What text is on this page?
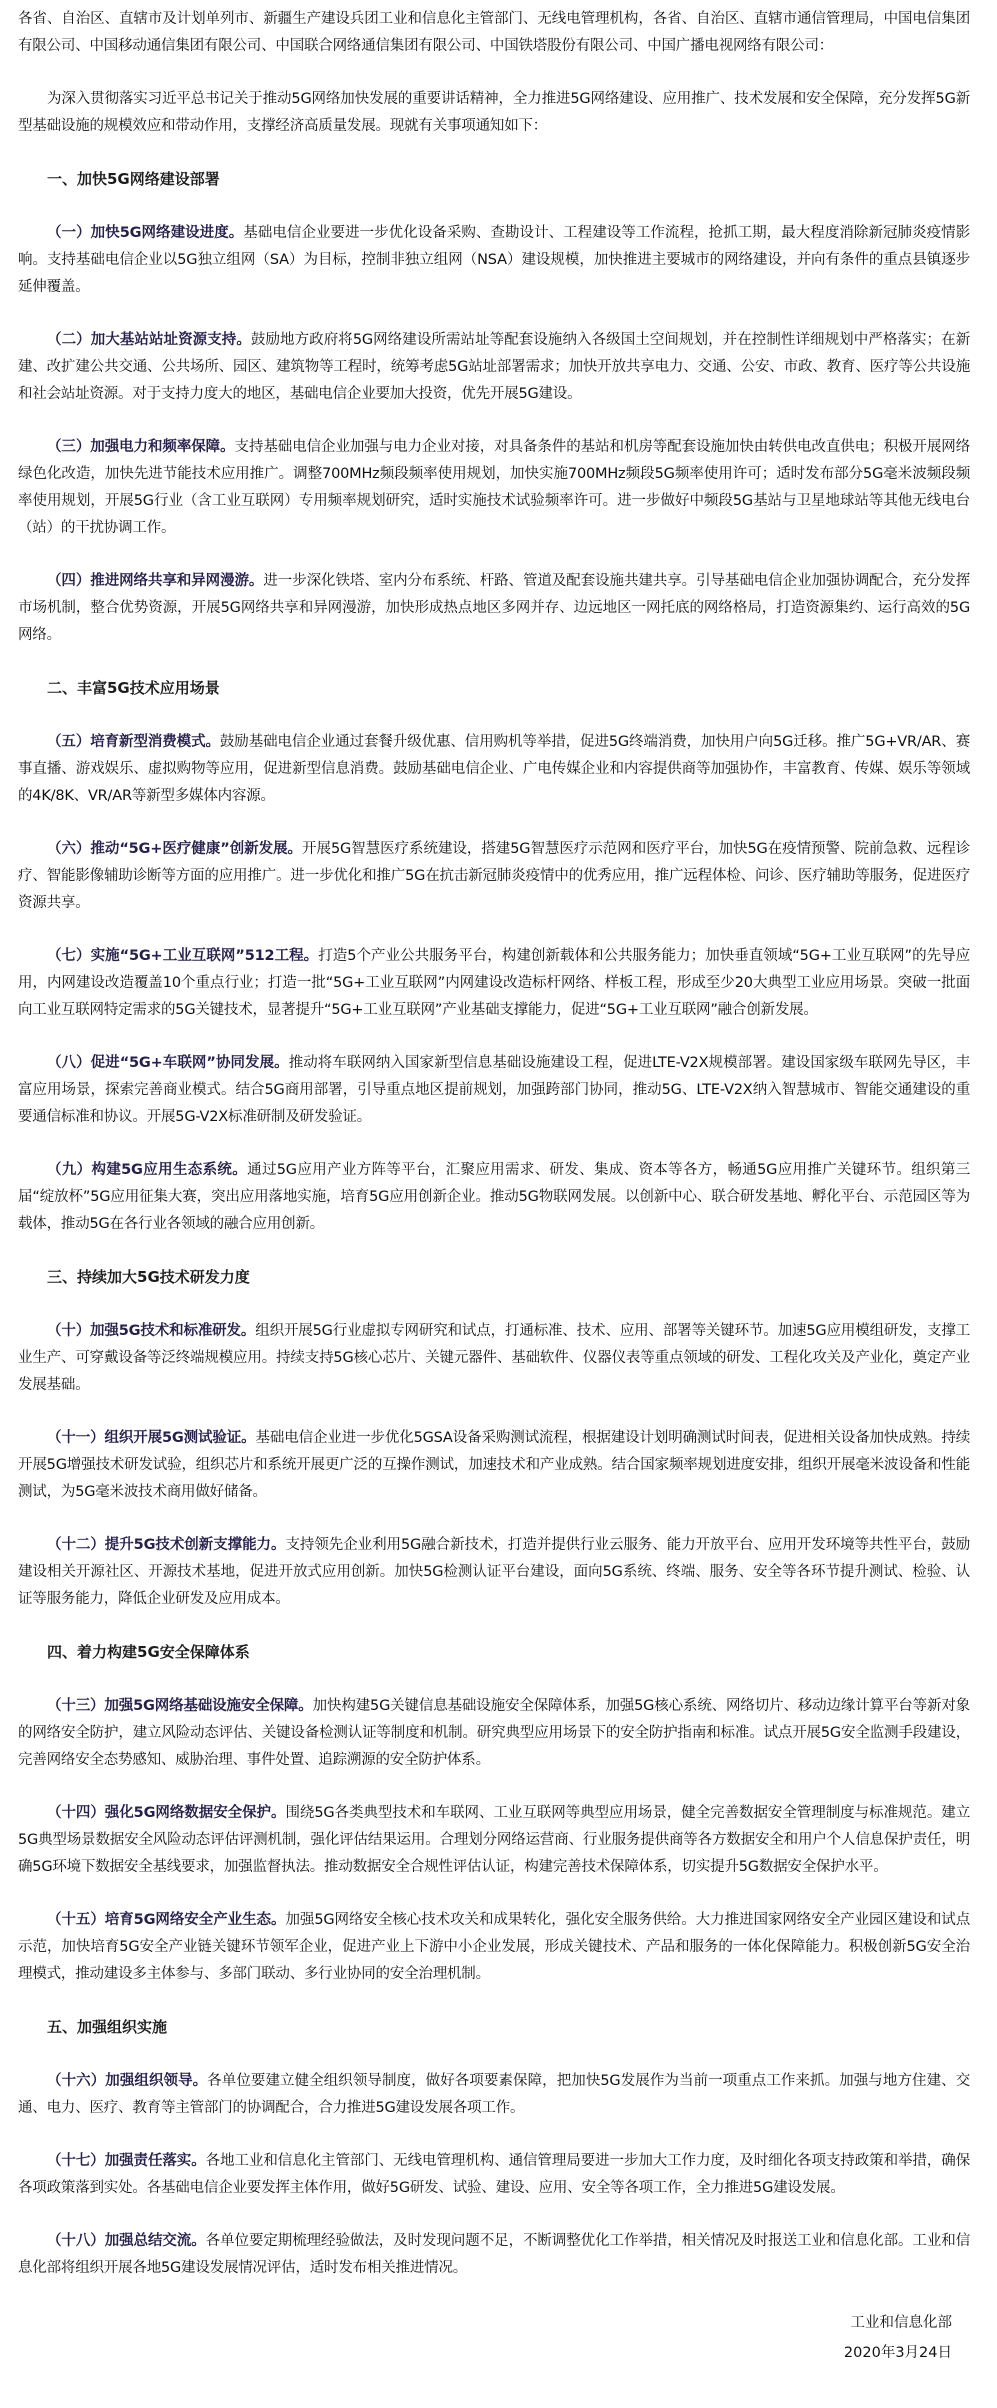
各省、自治区、直辖市及计划单列市、新疆生产建设兵团工业和信息化主管部门、无线电管理机构，各省、自治区、直辖市通信管理局，中国电信集团有限公司、中国移动通信集团有限公司、中国联合网络通信集团有限公司、中国铁塔股份有限公司、中国广播电视网络有限公司：

为深入贯彻落实习近平总书记关于推动5G网络加快发展的重要讲话精神，全力推进5G网络建设、应用推广、技术发展和安全保障，充分发挥5G新型基础设施的规模效应和带动作用，支撑经济高质量发展。现就有关事项通知如下：

一、加快5G网络建设部署

（一）加快5G网络建设进度。基础电信企业要进一步优化设备采购、查勘设计、工程建设等工作流程，抢抓工期，最大程度消除新冠肺炎疫情影响。支持基础电信企业以5G独立组网（SA）为目标，控制非独立组网（NSA）建设规模，加快推进主要城市的网络建设，并向有条件的重点县镇逐步延伸覆盖。

（二）加大基站站址资源支持。鼓励地方政府将5G网络建设所需站址等配套设施纳入各级国土空间规划，并在控制性详细规划中严格落实；在新建、改扩建公共交通、公共场所、园区、建筑物等工程时，统筹考虑5G站址部署需求；加快开放共享电力、交通、公安、市政、教育、医疗等公共设施和社会站址资源。对于支持力度大的地区，基础电信企业要加大投资，优先开展5G建设。

（三）加强电力和频率保障。支持基础电信企业加强与电力企业对接，对具备条件的基站和机房等配套设施加快由转供电改直供电；积极开展网络绿色化改造，加快先进节能技术应用推广。调整700MHz频段频率使用规划，加快实施700MHz频段5G频率使用许可；适时发布部分5G毫米波频段频率使用规划，开展5G行业（含工业互联网）专用频率规划研究，适时实施技术试验频率许可。进一步做好中频段5G基站与卫星地球站等其他无线电台（站）的干扰协调工作。

（四）推进网络共享和异网漫游。进一步深化铁塔、室内分布系统、杆路、管道及配套设施共建共享。引导基础电信企业加强协调配合，充分发挥市场机制，整合优势资源，开展5G网络共享和异网漫游，加快形成热点地区多网并存、边远地区一网托底的网络格局，打造资源集约、运行高效的5G网络。

二、丰富5G技术应用场景

（五）培育新型消费模式。鼓励基础电信企业通过套餐升级优惠、信用购机等举措，促进5G终端消费，加快用户向5G迁移。推广5G+VR/AR、赛事直播、游戏娱乐、虚拟购物等应用，促进新型信息消费。鼓励基础电信企业、广电传媒企业和内容提供商等加强协作，丰富教育、传媒、娱乐等领域的4K/8K、VR/AR等新型多媒体内容源。

（六）推动“5G+医疗健康”创新发展。开展5G智慧医疗系统建设，搭建5G智慧医疗示范网和医疗平台，加快5G在疫情预警、院前急救、远程诊疗、智能影像辅助诊断等方面的应用推广。进一步优化和推广5G在抗击新冠肺炎疫情中的优秀应用，推广远程体检、问诊、医疗辅助等服务，促进医疗资源共享。

（七）实施“5G+工业互联网”512工程。打造5个产业公共服务平台，构建创新载体和公共服务能力；加快垂直领域“5G+工业互联网”的先导应用，内网建设改造覆盖10个重点行业；打造一批“5G+工业互联网”内网建设改造标杆网络、样板工程，形成至少20大典型工业应用场景。突破一批面向工业互联网特定需求的5G关键技术，显著提升“5G+工业互联网”产业基础支撑能力，促进“5G+工业互联网”融合创新发展。

（八）促进“5G+车联网”协同发展。推动将车联网纳入国家新型信息基础设施建设工程，促进LTE-V2X规模部署。建设国家级车联网先导区，丰富应用场景，探索完善商业模式。结合5G商用部署，引导重点地区提前规划，加强跨部门协同，推动5G、LTE-V2X纳入智慧城市、智能交通建设的重要通信标准和协议。开展5G-V2X标准研制及研发验证。

（九）构建5G应用生态系统。通过5G应用产业方阵等平台，汇聚应用需求、研发、集成、资本等各方，畅通5G应用推广关键环节。组织第三届“绽放杯”5G应用征集大赛，突出应用落地实施，培育5G应用创新企业。推动5G物联网发展。以创新中心、联合研发基地、孵化平台、示范园区等为载体，推动5G在各行业各领域的融合应用创新。

三、持续加大5G技术研发力度

（十）加强5G技术和标准研发。组织开展5G行业虚拟专网研究和试点，打通标准、技术、应用、部署等关键环节。加速5G应用模组研发，支撑工业生产、可穿戴设备等泛终端规模应用。持续支持5G核心芯片、关键元器件、基础软件、仪器仪表等重点领域的研发、工程化攻关及产业化，奠定产业发展基础。

（十一）组织开展5G测试验证。基础电信企业进一步优化5GSA设备采购测试流程，根据建设计划明确测试时间表，促进相关设备加快成熟。持续开展5G增强技术研发试验，组织芯片和系统开展更广泛的互操作测试，加速技术和产业成熟。结合国家频率规划进度安排，组织开展毫米波设备和性能测试，为5G毫米波技术商用做好储备。

（十二）提升5G技术创新支撑能力。支持领先企业利用5G融合新技术，打造并提供行业云服务、能力开放平台、应用开发环境等共性平台，鼓励建设相关开源社区、开源技术基地，促进开放式应用创新。加快5G检测认证平台建设，面向5G系统、终端、服务、安全等各环节提升测试、检验、认证等服务能力，降低企业研发及应用成本。

四、着力构建5G安全保障体系

（十三）加强5G网络基础设施安全保障。加快构建5G关键信息基础设施安全保障体系，加强5G核心系统、网络切片、移动边缘计算平台等新对象的网络安全防护，建立风险动态评估、关键设备检测认证等制度和机制。研究典型应用场景下的安全防护指南和标准。试点开展5G安全监测手段建设，完善网络安全态势感知、威胁治理、事件处置、追踪溯源的安全防护体系。

（十四）强化5G网络数据安全保护。围绕5G各类典型技术和车联网、工业互联网等典型应用场景，健全完善数据安全管理制度与标准规范。建立5G典型场景数据安全风险动态评估评测机制，强化评估结果运用。合理划分网络运营商、行业服务提供商等各方数据安全和用户个人信息保护责任，明确5G环境下数据安全基线要求，加强监督执法。推动数据安全合规性评估认证，构建完善技术保障体系，切实提升5G数据安全保护水平。

（十五）培育5G网络安全产业生态。加强5G网络安全核心技术攻关和成果转化，强化安全服务供给。大力推进国家网络安全产业园区建设和试点示范，加快培育5G安全产业链关键环节领军企业，促进产业上下游中小企业发展，形成关键技术、产品和服务的一体化保障能力。积极创新5G安全治理模式，推动建设多主体参与、多部门联动、多行业协同的安全治理机制。

五、加强组织实施

（十六）加强组织领导。各单位要建立健全组织领导制度，做好各项要素保障，把加快5G发展作为当前一项重点工作来抓。加强与地方住建、交通、电力、医疗、教育等主管部门的协调配合，合力推进5G建设发展各项工作。

（十七）加强责任落实。各地工业和信息化主管部门、无线电管理机构、通信管理局要进一步加大工作力度，及时细化各项支持政策和举措，确保各项政策落到实处。各基础电信企业要发挥主体作用，做好5G研发、试验、建设、应用、安全等各项工作，全力推进5G建设发展。

（十八）加强总结交流。各单位要定期梳理经验做法，及时发现问题不足，不断调整优化工作举措，相关情况及时报送工业和信息化部。工业和信息化部将组织开展各地5G建设发展情况评估，适时发布相关推进情况。

工业和信息化部
2020年3月24日
